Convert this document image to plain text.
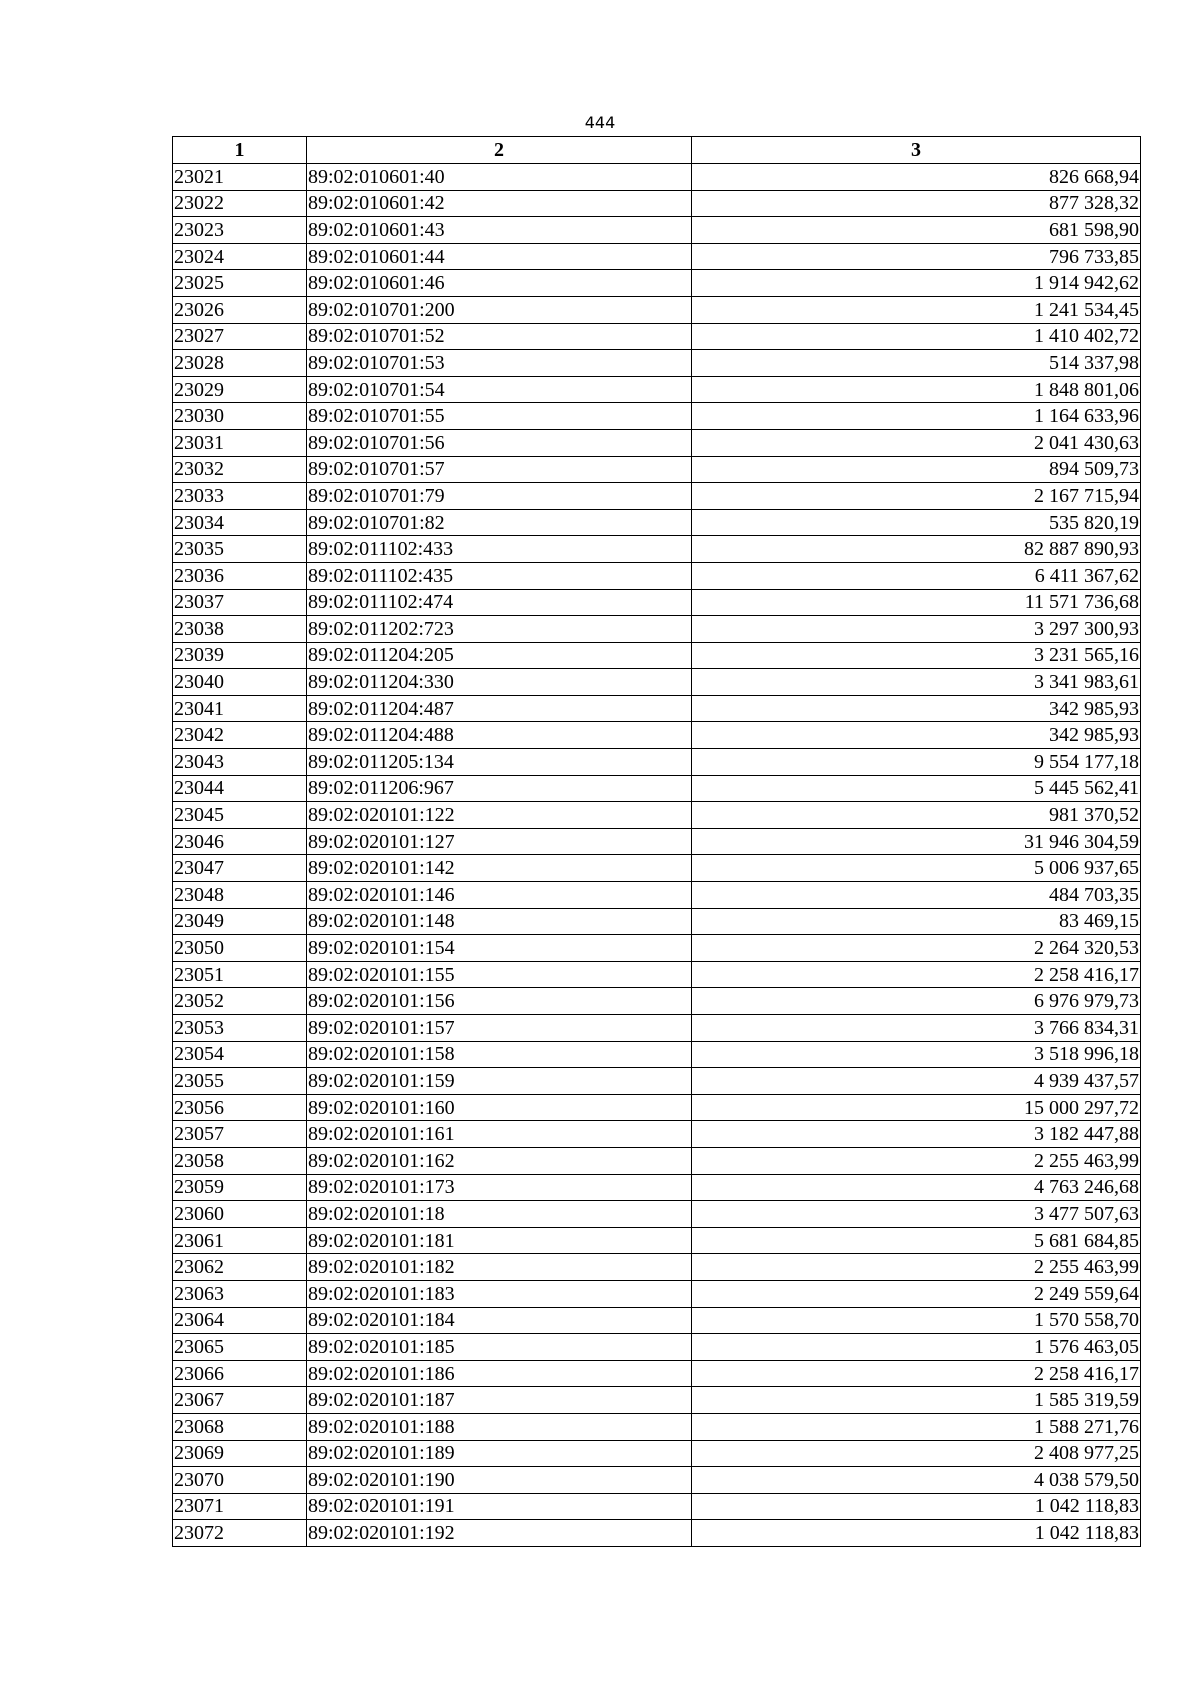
444
1	2	3
23021	89:02:010601:40	826 668,94
23022	89:02:010601:42	877 328,32
23023	89:02:010601:43	681 598,90
23024	89:02:010601:44	796 733,85
23025	89:02:010601:46	1 914 942,62
23026	89:02:010701:200	1 241 534,45
23027	89:02:010701:52	1 410 402,72
23028	89:02:010701:53	514 337,98
23029	89:02:010701:54	1 848 801,06
23030	89:02:010701:55	1 164 633,96
23031	89:02:010701:56	2 041 430,63
23032	89:02:010701:57	894 509,73
23033	89:02:010701:79	2 167 715,94
23034	89:02:010701:82	535 820,19
23035	89:02:011102:433	82 887 890,93
23036	89:02:011102:435	6 411 367,62
23037	89:02:011102:474	11 571 736,68
23038	89:02:011202:723	3 297 300,93
23039	89:02:011204:205	3 231 565,16
23040	89:02:011204:330	3 341 983,61
23041	89:02:011204:487	342 985,93
23042	89:02:011204:488	342 985,93
23043	89:02:011205:134	9 554 177,18
23044	89:02:011206:967	5 445 562,41
23045	89:02:020101:122	981 370,52
23046	89:02:020101:127	31 946 304,59
23047	89:02:020101:142	5 006 937,65
23048	89:02:020101:146	484 703,35
23049	89:02:020101:148	83 469,15
23050	89:02:020101:154	2 264 320,53
23051	89:02:020101:155	2 258 416,17
23052	89:02:020101:156	6 976 979,73
23053	89:02:020101:157	3 766 834,31
23054	89:02:020101:158	3 518 996,18
23055	89:02:020101:159	4 939 437,57
23056	89:02:020101:160	15 000 297,72
23057	89:02:020101:161	3 182 447,88
23058	89:02:020101:162	2 255 463,99
23059	89:02:020101:173	4 763 246,68
23060	89:02:020101:18	3 477 507,63
23061	89:02:020101:181	5 681 684,85
23062	89:02:020101:182	2 255 463,99
23063	89:02:020101:183	2 249 559,64
23064	89:02:020101:184	1 570 558,70
23065	89:02:020101:185	1 576 463,05
23066	89:02:020101:186	2 258 416,17
23067	89:02:020101:187	1 585 319,59
23068	89:02:020101:188	1 588 271,76
23069	89:02:020101:189	2 408 977,25
23070	89:02:020101:190	4 038 579,50
23071	89:02:020101:191	1 042 118,83
23072	89:02:020101:192	1 042 118,83
